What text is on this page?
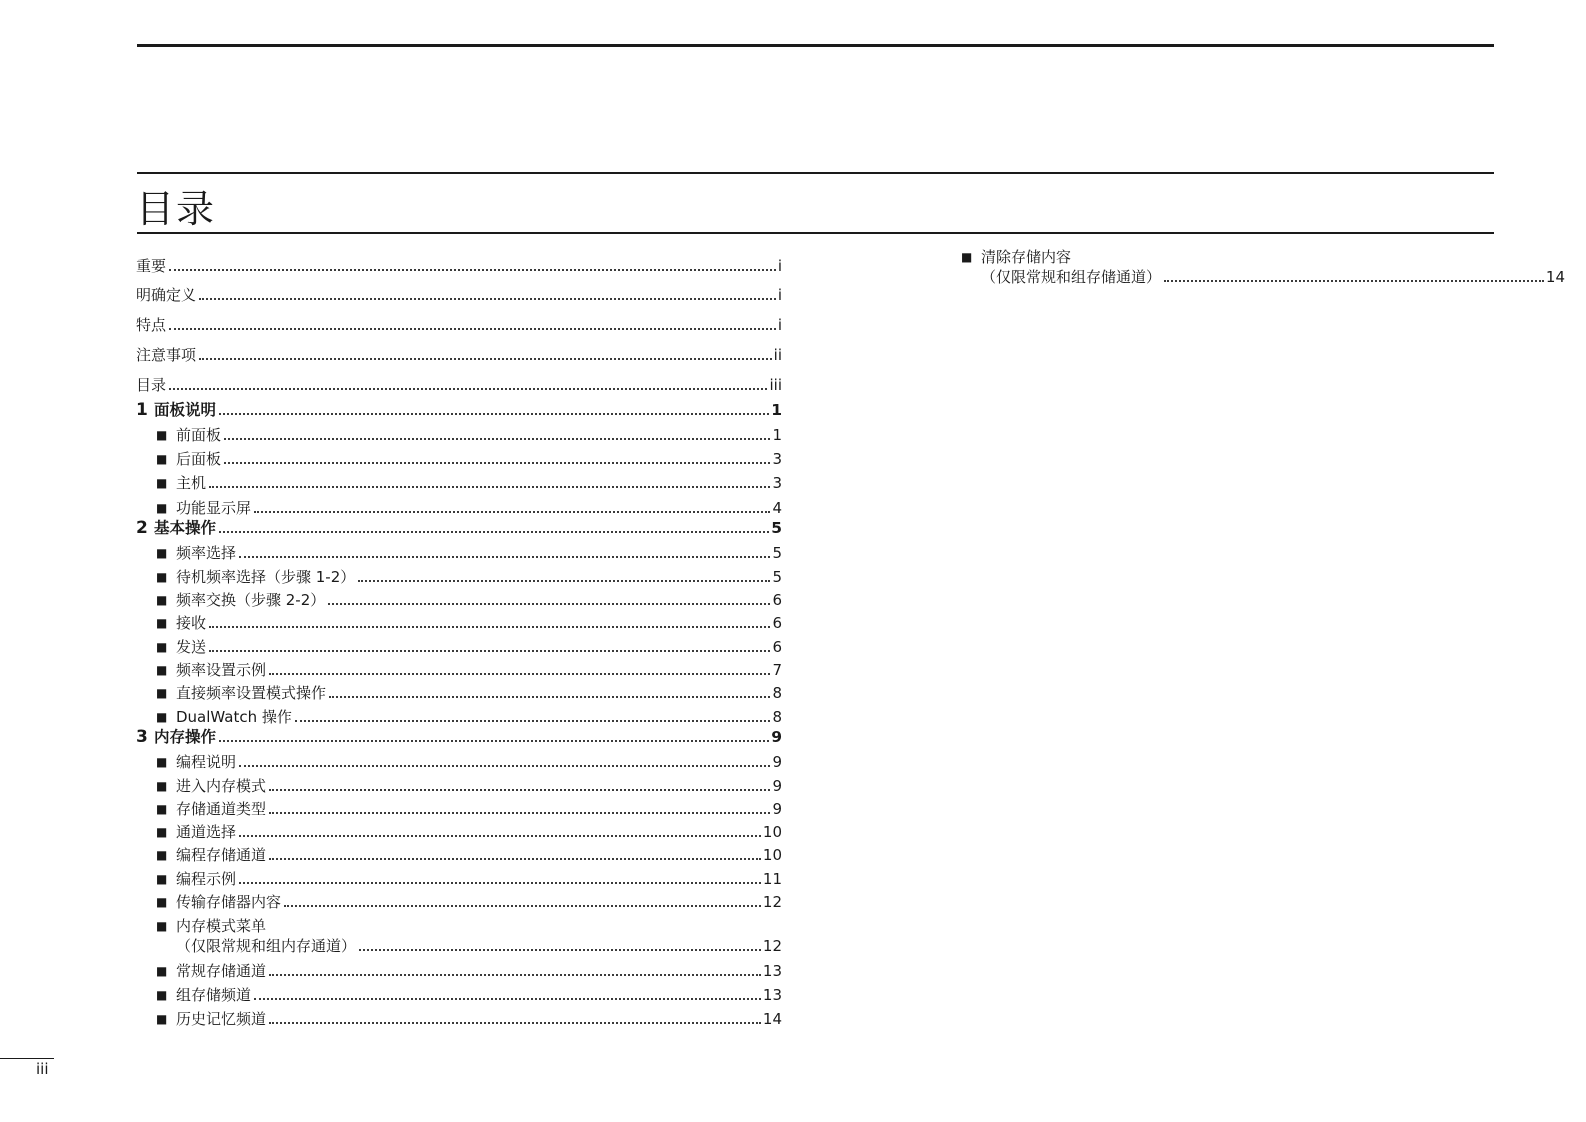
目录
重要	i
明确定义	i
特点	i
注意事项	ii
目录	iii
1 面板说明	1
■ 前面板	1
■ 后面板	3
■ 主机	3
■ 功能显示屏	4
2 基本操作	5
■ 频率选择	5
■ 待机频率选择（步骤 1-2）	5
■ 频率交换（步骤 2-2）	6
■ 接收	6
■ 发送	6
■ 频率设置示例	7
■ 直接频率设置模式操作	8
■ DualWatch 操作	8
3 内存操作	9
■ 编程说明	9
■ 进入内存模式	9
■ 存储通道类型	9
■ 通道选择	10
■ 编程存储通道	10
■ 编程示例	11
■ 传输存储器内容	12
■ 内存模式菜单
（仅限常规和组内存通道）	12
■ 常规存储通道	13
■ 组存储频道	13
■ 历史记忆频道	14
■ 清除存储内容
（仅限常规和组存储通道）	14
iii
